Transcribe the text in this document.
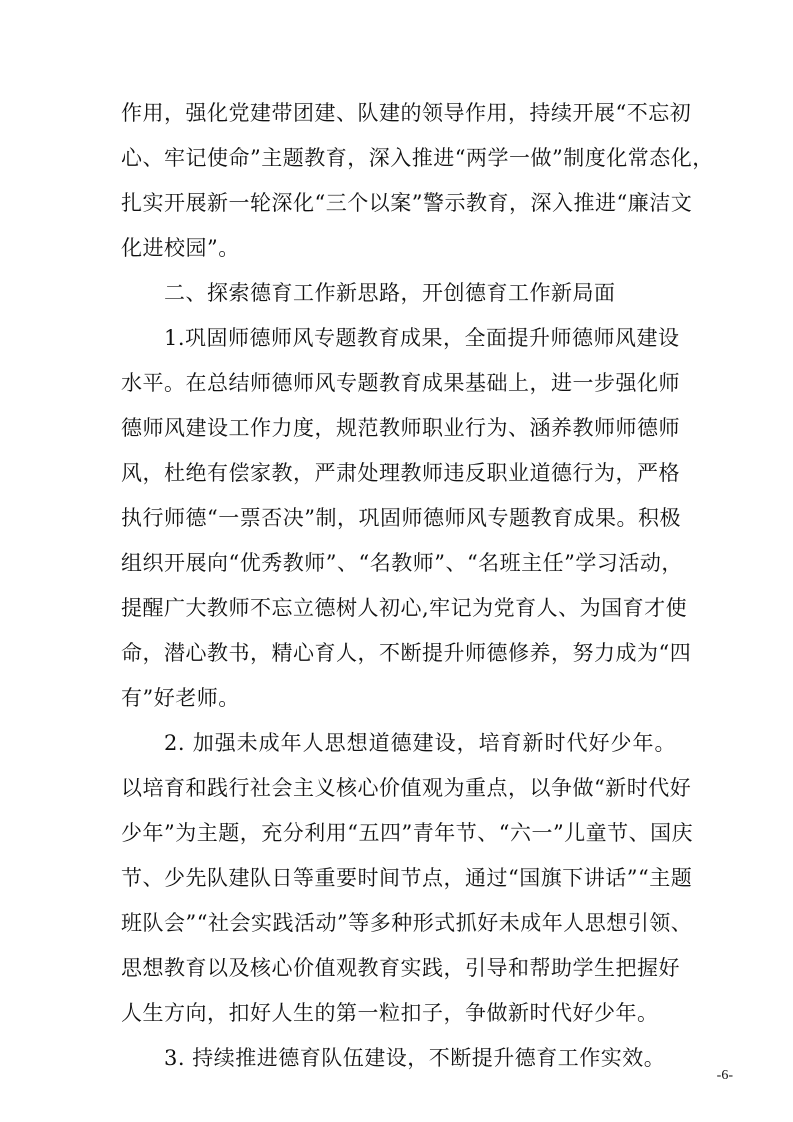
作用，强化党建带团建、队建的领导作用，持续开展“不忘初
心、牢记使命”主题教育，深入推进“两学一做”制度化常态化，
扎实开展新一轮深化“三个以案”警示教育，深入推进“廉洁文
化进校园”。
二、探索德育工作新思路，开创德育工作新局面
1.巩固师德师风专题教育成果，全面提升师德师风建设
水平。在总结师德师风专题教育成果基础上，进一步强化师
德师风建设工作力度，规范教师职业行为、涵养教师师德师
风，杜绝有偿家教，严肃处理教师违反职业道德行为，严格
执行师德“一票否决”制，巩固师德师风专题教育成果。积极
组织开展向“优秀教师”、“名教师”、“名班主任”学习活动，
提醒广大教师不忘立德树人初心,牢记为党育人、为国育才使
命，潜心教书，精心育人，不断提升师德修养，努力成为“四
有”好老师。
2. 加强未成年人思想道德建设，培育新时代好少年。
以培育和践行社会主义核心价值观为重点，以争做“新时代好
少年”为主题，充分利用“五四”青年节、“六一”儿童节、国庆
节、少先队建队日等重要时间节点，通过“国旗下讲话”“主题
班队会”“社会实践活动”等多种形式抓好未成年人思想引领、
思想教育以及核心价值观教育实践，引导和帮助学生把握好
人生方向，扣好人生的第一粒扣子，争做新时代好少年。
3. 持续推进德育队伍建设，不断提升德育工作实效。
-6-
